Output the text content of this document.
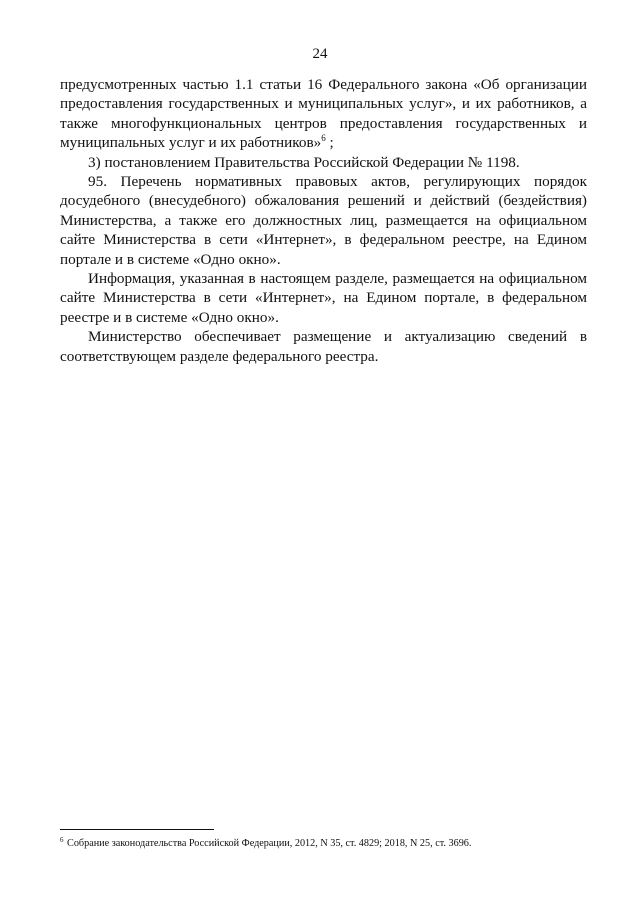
24

предусмотренных частью 1.1 статьи 16 Федерального закона «Об организации предоставления государственных и муниципальных услуг», и их работников, а также многофункциональных центров предоставления государственных и муниципальных услуг и их работников»$^6$ ;

3) постановлением Правительства Российской Федерации № 1198.

95. Перечень нормативных правовых актов, регулирующих порядок досудебного (внесудебного) обжалования решений и действий (бездействия) Министерства, а также его должностных лиц, размещается на официальном сайте Министерства в сети «Интернет», в федеральном реестре, на Едином портале и в системе «Одно окно».

Информация, указанная в настоящем разделе, размещается на официальном сайте Министерства в сети «Интернет», на Едином портале, в федеральном реестре и в системе «Одно окно».

Министерство обеспечивает размещение и актуализацию сведений в соответствующем разделе федерального реестра.

$^6$ Собрание законодательства Российской Федерации, 2012, N 35, ст. 4829; 2018, N 25, ст. 3696.
